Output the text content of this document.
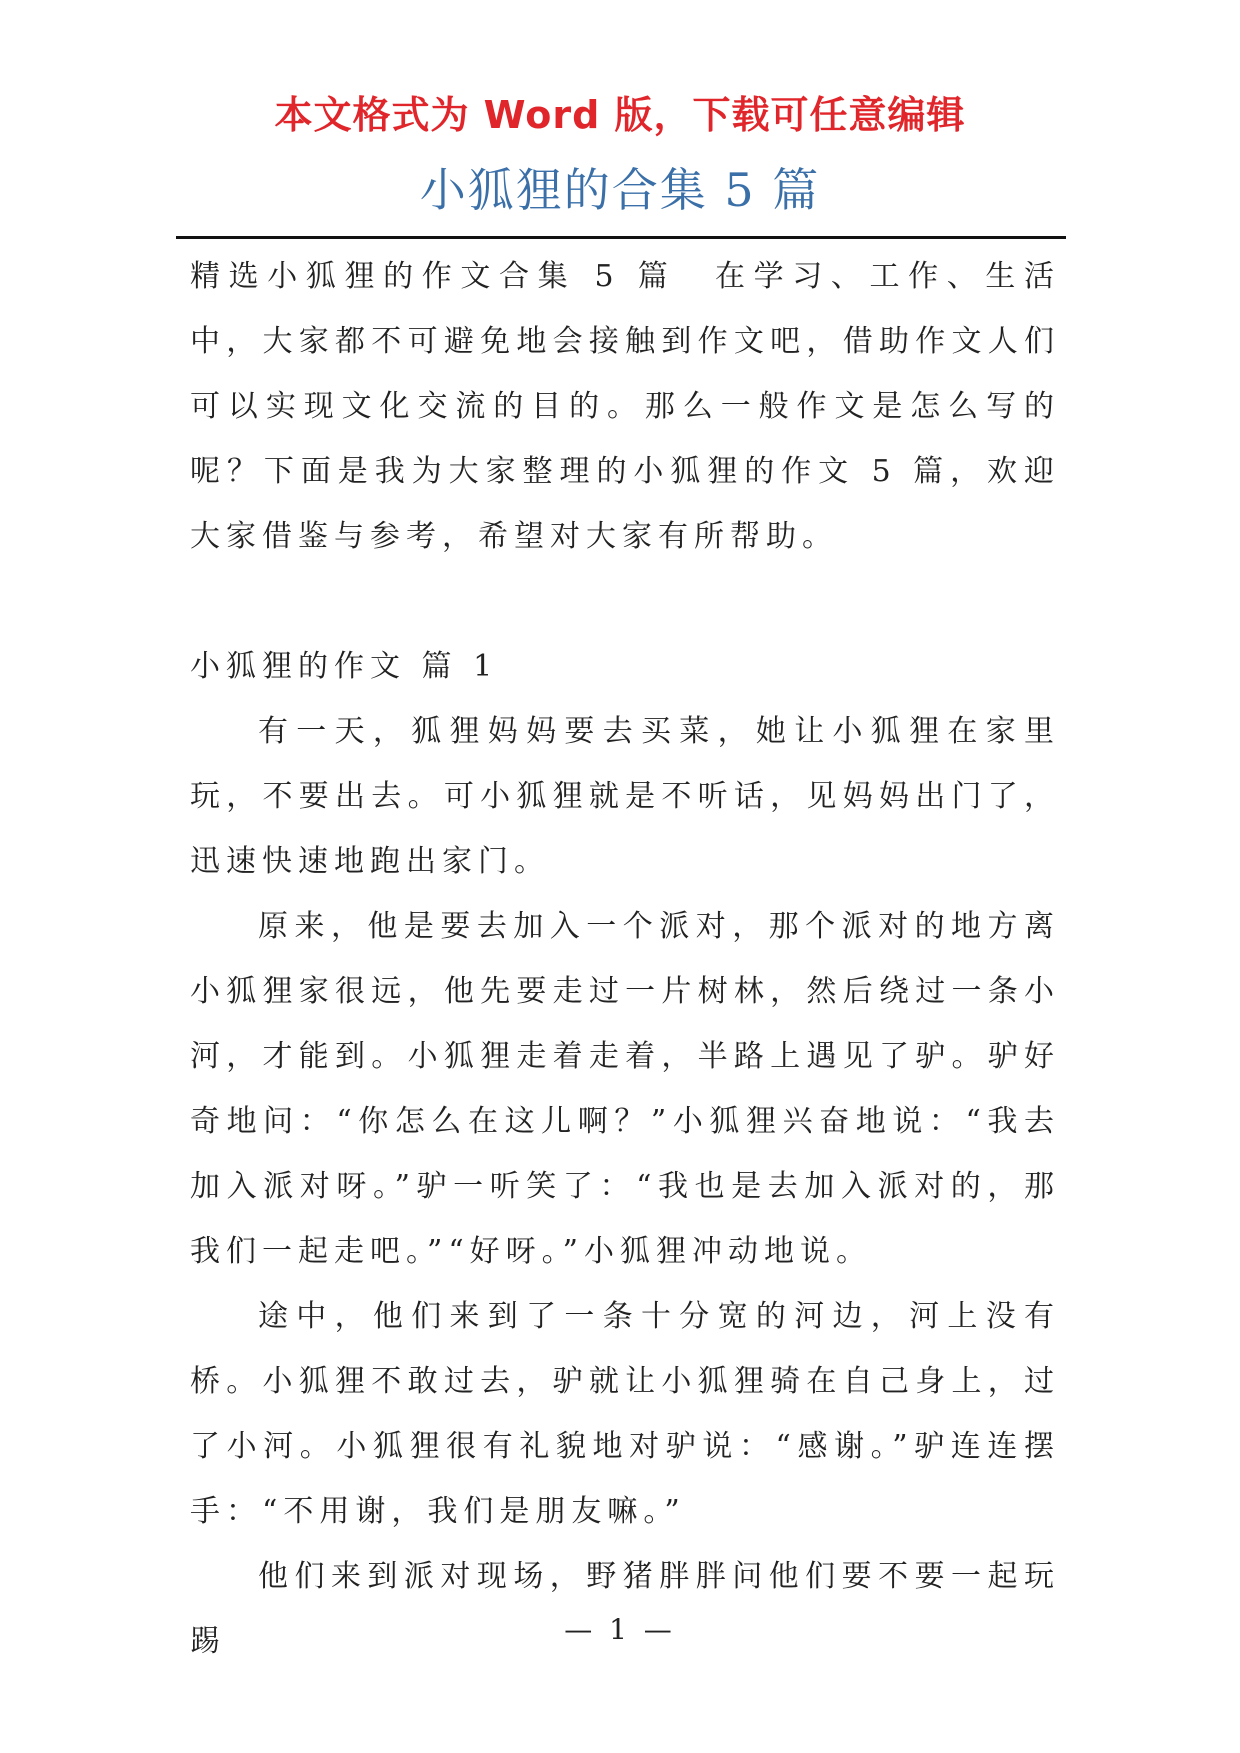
本文格式为 Word 版，下载可任意编辑
小狐狸的合集 5 篇

精选小狐狸的作文合集 5 篇　在学习、工作、生活中，大家都不可避免地会接触到作文吧，借助作文人们可以实现文化交流的目的。那么一般作文是怎么写的呢？下面是我为大家整理的小狐狸的作文 5 篇，欢迎大家借鉴与参考，希望对大家有所帮助。

小狐狸的作文 篇 1

有一天，狐狸妈妈要去买菜，她让小狐狸在家里玩，不要出去。可小狐狸就是不听话，见妈妈出门了，迅速快速地跑出家门。

原来，他是要去加入一个派对，那个派对的地方离小狐狸家很远，他先要走过一片树林，然后绕过一条小河，才能到。小狐狸走着走着，半路上遇见了驴。驴好奇地问：“你怎么在这儿啊？”小狐狸兴奋地说：“我去加入派对呀。”驴一听笑了：“我也是去加入派对的，那我们一起走吧。”“好呀。”小狐狸冲动地说。

途中，他们来到了一条十分宽的河边，河上没有桥。小狐狸不敢过去，驴就让小狐狸骑在自己身上，过了小河。小狐狸很有礼貌地对驴说：“感谢。”驴连连摆手：“不用谢，我们是朋友嘛。”

他们来到派对现场，野猪胖胖问他们要不要一起玩踢	— 1 —
